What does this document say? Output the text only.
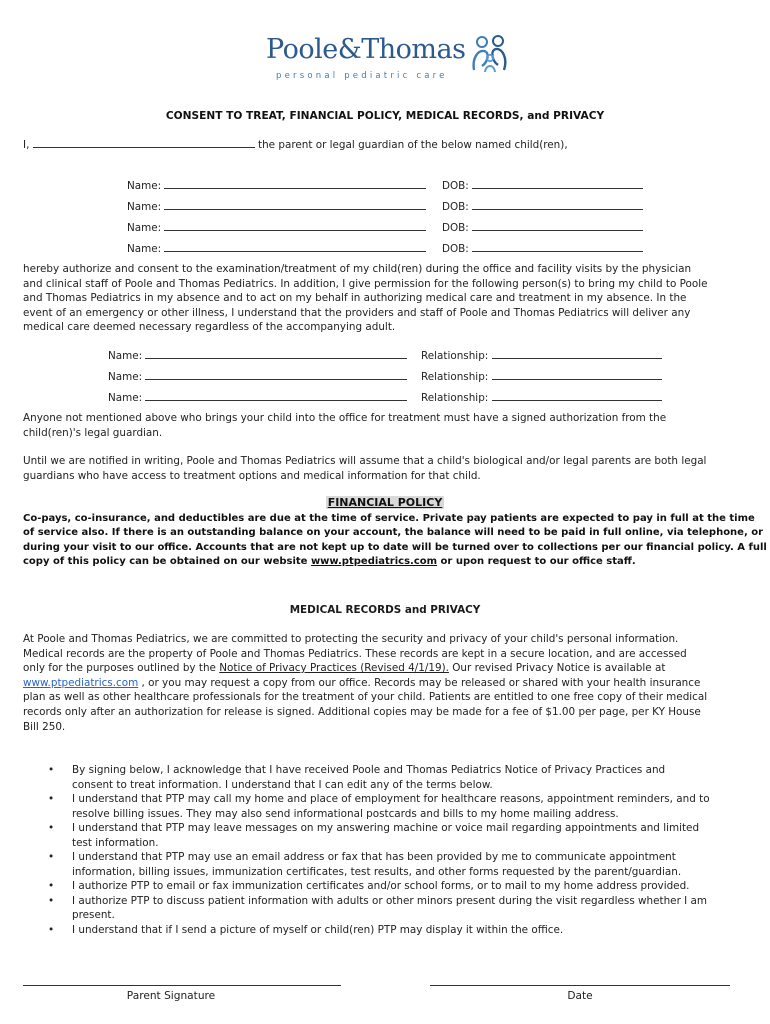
Poole&Thomas
personal pediatric care
CONSENT TO TREAT, FINANCIAL POLICY, MEDICAL RECORDS, and PRIVACY
I,	the parent or legal guardian of the below named child(ren),
Name:	DOB:
Name:	DOB:
Name:	DOB:
Name:	DOB:
hereby authorize and consent to the examination/treatment of my child(ren) during the office and facility visits by the physician
and clinical staff of Poole and Thomas Pediatrics. In addition, I give permission for the following person(s) to bring my child to Poole
and Thomas Pediatrics in my absence and to act on my behalf in authorizing medical care and treatment in my absence. In the
event of an emergency or other illness, I understand that the providers and staff of Poole and Thomas Pediatrics will deliver any
medical care deemed necessary regardless of the accompanying adult.
Name:	Relationship:
Name:	Relationship:
Name:	Relationship:
Anyone not mentioned above who brings your child into the office for treatment must have a signed authorization from the
child(ren)'s legal guardian.
Until we are notified in writing, Poole and Thomas Pediatrics will assume that a child's biological and/or legal parents are both legal
guardians who have access to treatment options and medical information for that child.
FINANCIAL POLICY
Co-pays, co-insurance, and deductibles are due at the time of service. Private pay patients are expected to pay in full at the time
of service also. If there is an outstanding balance on your account, the balance will need to be paid in full online, via telephone, or
during your visit to our office. Accounts that are not kept up to date will be turned over to collections per our financial policy. A full
copy of this policy can be obtained on our website www.ptpediatrics.com or upon request to our office staff.
MEDICAL RECORDS and PRIVACY
At Poole and Thomas Pediatrics, we are committed to protecting the security and privacy of your child's personal information.
Medical records are the property of Poole and Thomas Pediatrics. These records are kept in a secure location, and are accessed
only for the purposes outlined by the Notice of Privacy Practices (Revised 4/1/19). Our revised Privacy Notice is available at
www.ptpediatrics.com , or you may request a copy from our office. Records may be released or shared with your health insurance
plan as well as other healthcare professionals for the treatment of your child. Patients are entitled to one free copy of their medical
records only after an authorization for release is signed. Additional copies may be made for a fee of $1.00 per page, per KY House
Bill 250.
• By signing below, I acknowledge that I have received Poole and Thomas Pediatrics Notice of Privacy Practices and
consent to treat information. I understand that I can edit any of the terms below.
• I understand that PTP may call my home and place of employment for healthcare reasons, appointment reminders, and to
resolve billing issues. They may also send informational postcards and bills to my home mailing address.
• I understand that PTP may leave messages on my answering machine or voice mail regarding appointments and limited
test information.
• I understand that PTP may use an email address or fax that has been provided by me to communicate appointment
information, billing issues, immunization certificates, test results, and other forms requested by the parent/guardian.
• I authorize PTP to email or fax immunization certificates and/or school forms, or to mail to my home address provided.
• I authorize PTP to discuss patient information with adults or other minors present during the visit regardless whether I am
present.
• I understand that if I send a picture of myself or child(ren) PTP may display it within the office.
Parent Signature	Date
